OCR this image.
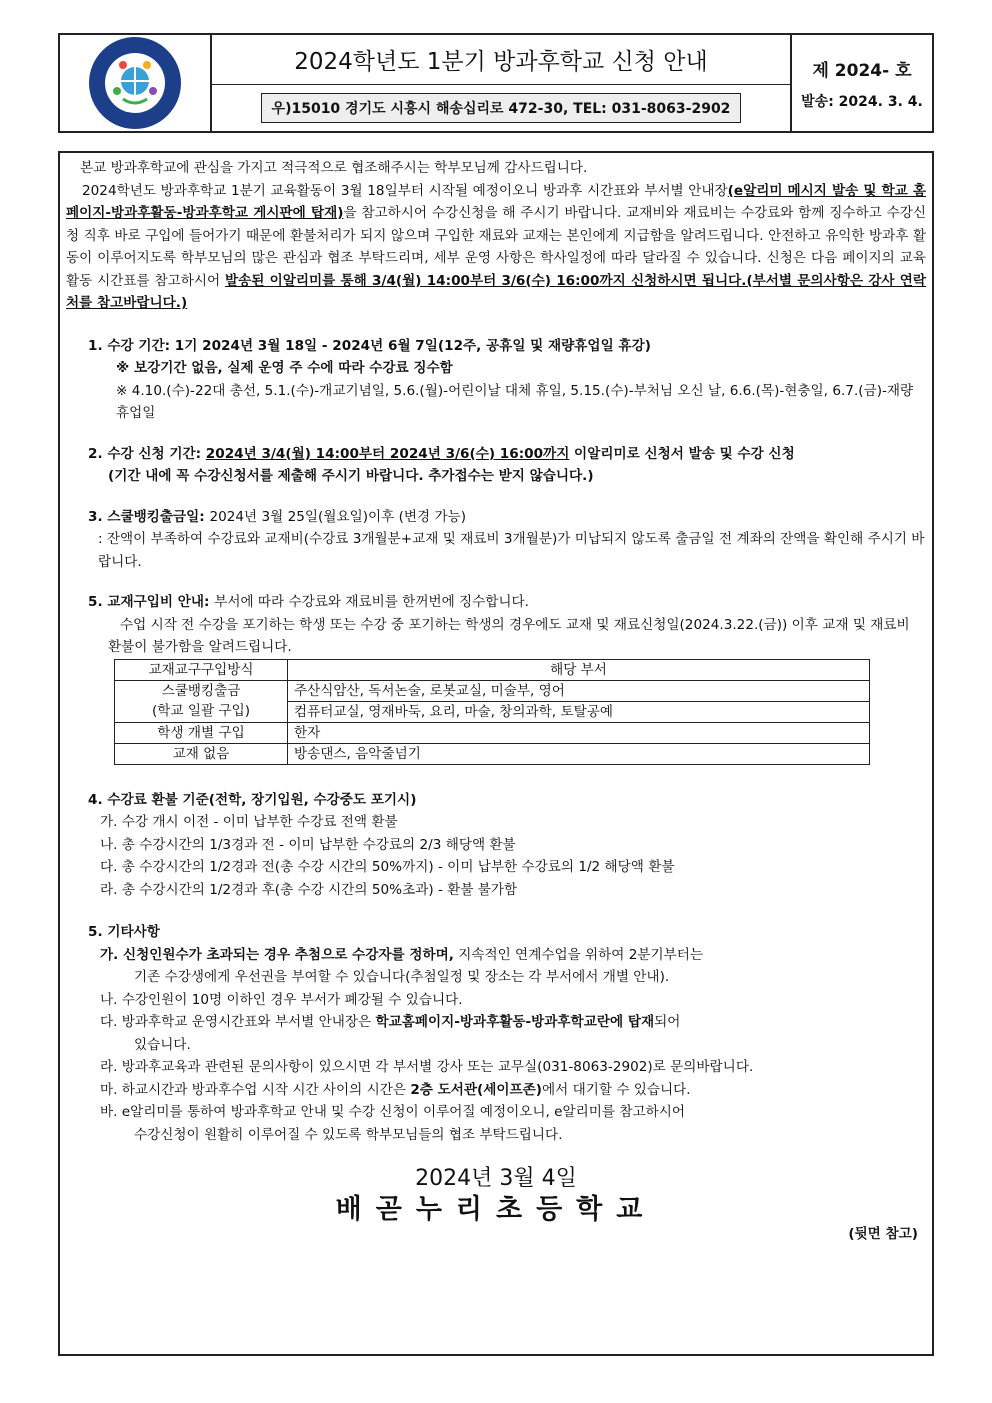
2024학년도 1분기 방과후학교 신청 안내
우)15010 경기도 시흥시 해송십리로 472-30, TEL: 031-8063-2902
제 2024- 호
발송: 2024. 3. 4.
본교 방과후학교에 관심을 가지고 적극적으로 협조해주시는 학부모님께 감사드립니다.
2024학년도 방과후학교 1분기 교육활동이 3월 18일부터 시작될 예정이오니 방과후 시간표와 부서별 안내장(e알리미 메시지 발송 및 학교 홈페이지-방과후활동-방과후학교 게시판에 탑재)을 참고하시어 수강신청을 해 주시기 바랍니다. 교재비와 재료비는 수강료와 함께 징수하고 수강신청 직후 바로 구입에 들어가기 때문에 환불처리가 되지 않으며 구입한 재료와 교재는 본인에게 지급함을 알려드립니다. 안전하고 유익한 방과후 활동이 이루어지도록 학부모님의 많은 관심과 협조 부탁드리며, 세부 운영 사항은 학사일정에 따라 달라질 수 있습니다. 신청은 다음 페이지의 교육활동 시간표를 참고하시어 발송된 이알리미를 통해 3/4(월) 14:00부터 3/6(수) 16:00까지 신청하시면 됩니다.(부서별 문의사항은 강사 연락처를 참고바랍니다.)
1. 수강 기간: 1기 2024년 3월 18일 - 2024년 6월 7일(12주, 공휴일 및 재량휴업일 휴강)
※ 보강기간 없음, 실제 운영 주 수에 따라 수강료 징수함
※ 4.10.(수)-22대 총선, 5.1.(수)-개교기념일, 5.6.(월)-어린이날 대체 휴일, 5.15.(수)-부처님 오신 날, 6.6.(목)-현충일, 6.7.(금)-재량휴업일
2. 수강 신청 기간: 2024년 3/4(월) 14:00부터 2024년 3/6(수) 16:00까지 이알리미로 신청서 발송 및 수강 신청
(기간 내에 꼭 수강신청서를 제출해 주시기 바랍니다. 추가접수는 받지 않습니다.)
3. 스쿨뱅킹출금일: 2024년 3월 25일(월요일)이후 (변경 가능)
: 잔액이 부족하여 수강료와 교재비(수강료 3개월분+교재 및 재료비 3개월분)가 미납되지 않도록 출금일 전 계좌의 잔액을 확인해 주시기 바랍니다.
5. 교재구입비 안내: 부서에 따라 수강료와 재료비를 한꺼번에 징수합니다.
수업 시작 전 수강을 포기하는 학생 또는 수강 중 포기하는 학생의 경우에도 교재 및 재료신청일(2024.3.22.(금)) 이후 교재 및 재료비 환불이 불가함을 알려드립니다.
교재교구구입방식	해당 부서
스쿨뱅킹출금	주산식암산, 독서논술, 로봇교실, 미술부, 영어
(학교 일괄 구입)	컴퓨터교실, 영재바둑, 요리, 마술, 창의과학, 토탈공예
학생 개별 구입	한자
교재 없음	방송댄스, 음악줄넘기
4. 수강료 환불 기준(전학, 장기입원, 수강중도 포기시)
가. 수강 개시 이전 - 이미 납부한 수강료 전액 환불
나. 총 수강시간의 1/3경과 전 - 이미 납부한 수강료의 2/3 해당액 환불
다. 총 수강시간의 1/2경과 전(총 수강 시간의 50%까지) - 이미 납부한 수강료의 1/2 해당액 환불
라. 총 수강시간의 1/2경과 후(총 수강 시간의 50%초과) - 환불 불가함
5. 기타사항
가. 신청인원수가 초과되는 경우 추첨으로 수강자를 정하며, 지속적인 연계수업을 위하여 2분기부터는
기존 수강생에게 우선권을 부여할 수 있습니다(추첨일정 및 장소는 각 부서에서 개별 안내).
나. 수강인원이 10명 이하인 경우 부서가 폐강될 수 있습니다.
다. 방과후학교 운영시간표와 부서별 안내장은 학교홈페이지-방과후활동-방과후학교란에 탑재되어
있습니다.
라. 방과후교육과 관련된 문의사항이 있으시면 각 부서별 강사 또는 교무실(031-8063-2902)로 문의바랍니다.
마. 하교시간과 방과후수업 시작 시간 사이의 시간은 2층 도서관(세이프존)에서 대기할 수 있습니다.
바. e알리미를 통하여 방과후학교 안내 및 수강 신청이 이루어질 예정이오니, e알리미를 참고하시어
수강신청이 원활히 이루어질 수 있도록 학부모님들의 협조 부탁드립니다.
2024년 3월 4일
배곧누리초등학교
(뒷면 참고)
